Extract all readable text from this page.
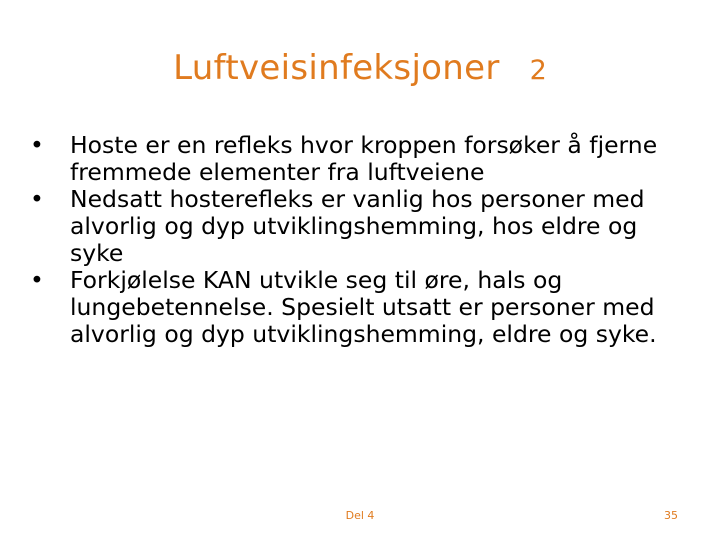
Luftveisinfeksjoner 2
• Hoste er en refleks hvor kroppen forsøker å fjerne fremmede elementer fra luftveiene
• Nedsatt hosterefleks er vanlig hos personer med alvorlig og dyp utviklingshemming, hos eldre og syke
• Forkjølelse KAN utvikle seg til øre, hals og lungebetennelse. Spesielt utsatt er personer med alvorlig og dyp utviklingshemming, eldre og syke.
Del 4	35
